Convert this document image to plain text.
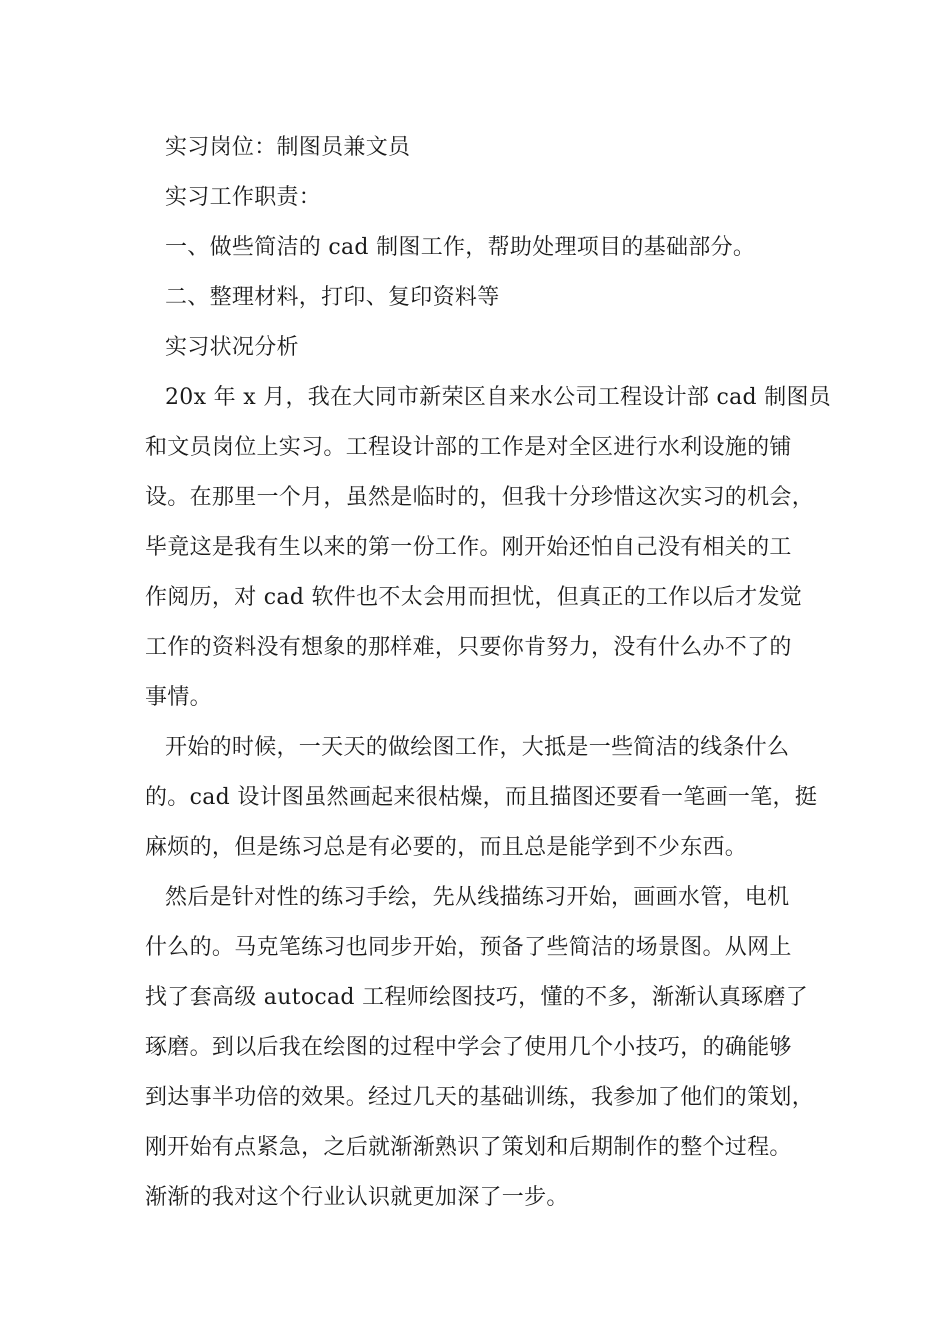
实习岗位：制图员兼文员

实习工作职责：

一、做些简洁的 cad 制图工作，帮助处理项目的基础部分。

二、整理材料，打印、复印资料等

实习状况分析

20x 年 x 月，我在大同市新荣区自来水公司工程设计部 cad 制图员

和文员岗位上实习。工程设计部的工作是对全区进行水利设施的铺

设。在那里一个月，虽然是临时的，但我十分珍惜这次实习的机会，

毕竟这是我有生以来的第一份工作。刚开始还怕自己没有相关的工

作阅历，对 cad 软件也不太会用而担忧，但真正的工作以后才发觉

工作的资料没有想象的那样难，只要你肯努力，没有什么办不了的

事情。

开始的时候，一天天的做绘图工作，大抵是一些简洁的线条什么

的。cad 设计图虽然画起来很枯燥，而且描图还要看一笔画一笔，挺

麻烦的，但是练习总是有必要的，而且总是能学到不少东西。

然后是针对性的练习手绘，先从线描练习开始，画画水管，电机

什么的。马克笔练习也同步开始，预备了些简洁的场景图。从网上

找了套高级 autocad 工程师绘图技巧，懂的不多，渐渐认真琢磨了

琢磨。到以后我在绘图的过程中学会了使用几个小技巧，的确能够

到达事半功倍的效果。经过几天的基础训练，我参加了他们的策划，

刚开始有点紧急，之后就渐渐熟识了策划和后期制作的整个过程。

渐渐的我对这个行业认识就更加深了一步。
